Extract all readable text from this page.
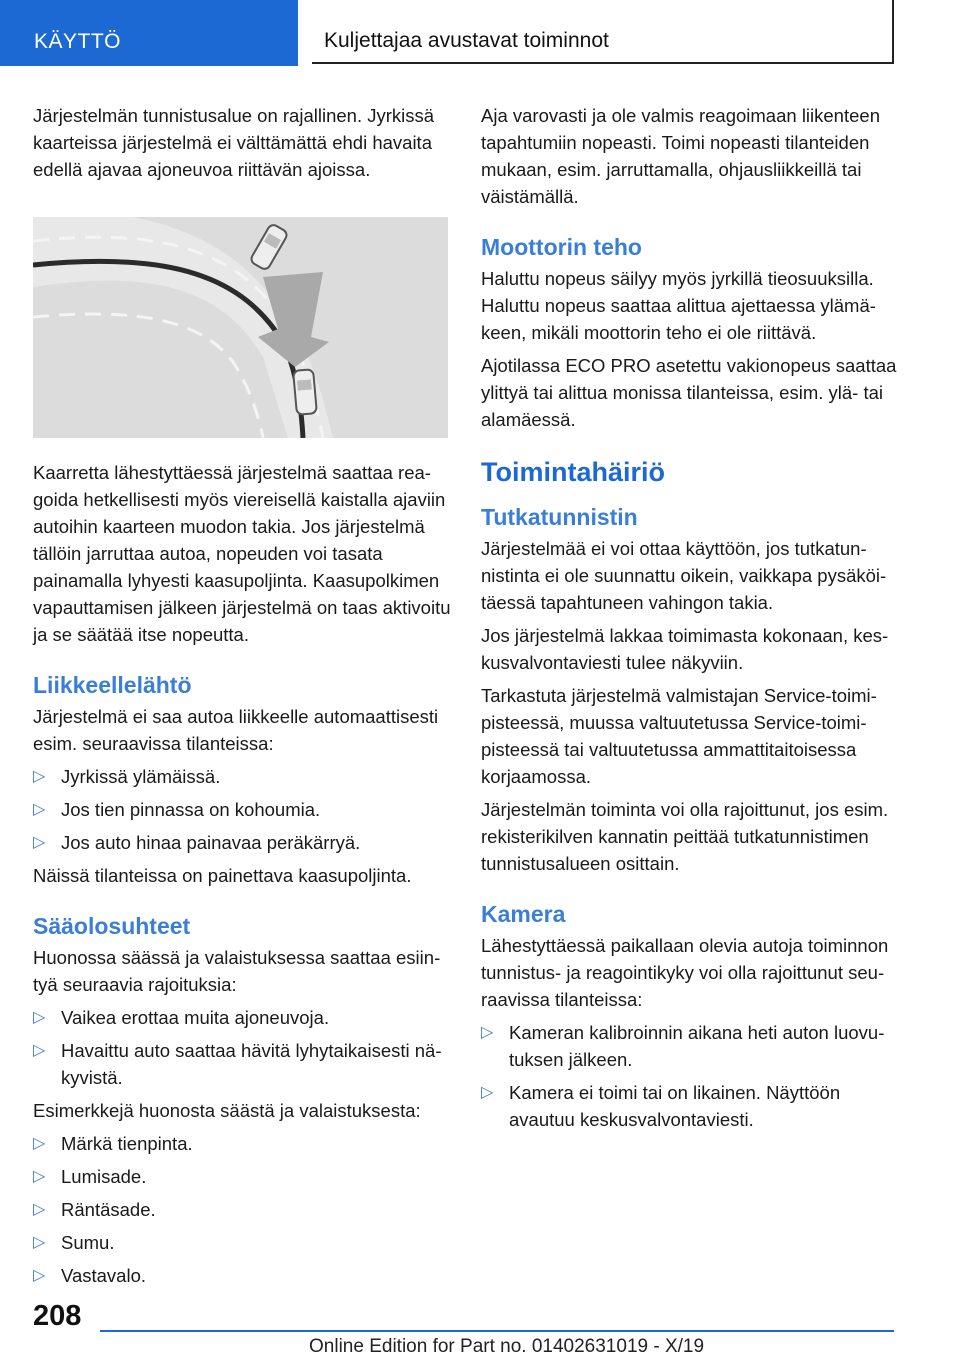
KÄYTTÖ	Kuljettajaa avustavat toiminnot

Järjestelmän tunnistusalue on rajallinen. Jyrkissä kaarteissa järjestelmä ei välttämättä ehdi havaita edellä ajavaa ajoneuvoa riittävän ajoissa.

Kaarretta lähestyttäessä järjestelmä saattaa reagoida hetkellisesti myös viereisellä kaistalla ajaviin autoihin kaarteen muodon takia. Jos järjestelmä tällöin jarruttaa autoa, nopeuden voi tasata painamalla lyhyesti kaasupoljinta. Kaasupolkimen vapauttamisen jälkeen järjestelmä on taas aktivoitu ja se säätää itse nopeutta.

Liikkeellelähtö

Järjestelmä ei saa autoa liikkeelle automaattisesti esim. seuraavissa tilanteissa:

▷ Jyrkissä ylämäissä.
▷ Jos tien pinnassa on kohoumia.
▷ Jos auto hinaa painavaa peräkärryä.

Näissä tilanteissa on painettava kaasupoljinta.

Sääolosuhteet

Huonossa säässä ja valaistuksessa saattaa esiintyä seuraavia rajoituksia:

▷ Vaikea erottaa muita ajoneuvoja.
▷ Havaittu auto saattaa hävitä lyhytaikaisesti näkyvistä.

Esimerkkejä huonosta säästä ja valaistuksesta:

▷ Märkä tienpinta.
▷ Lumisade.
▷ Räntäsade.
▷ Sumu.
▷ Vastavalo.

Aja varovasti ja ole valmis reagoimaan liikenteen tapahtumiin nopeasti. Toimi nopeasti tilanteiden mukaan, esim. jarruttamalla, ohjausliikkeillä tai väistämällä.

Moottorin teho

Haluttu nopeus säilyy myös jyrkillä tieosuuksilla. Haluttu nopeus saattaa alittua ajettaessa ylämäkeen, mikäli moottorin teho ei ole riittävä.

Ajotilassa ECO PRO asetettu vakionopeus saattaa ylittyä tai alittua monissa tilanteissa, esim. ylä- tai alamäessä.

Toimintahäiriö
Tutkatunnistin

Järjestelmää ei voi ottaa käyttöön, jos tutkatunnistinta ei ole suunnattu oikein, vaikkapa pysäköitäessä tapahtuneen vahingon takia.

Jos järjestelmä lakkaa toimimasta kokonaan, keskusvalvontaviesti tulee näkyviin.

Tarkastuta järjestelmä valmistajan Service-toimipisteessä, muussa valtuutetussa Service-toimipisteessä tai valtuutetussa ammattitaitoisessa korjaamossa.

Järjestelmän toiminta voi olla rajoittunut, jos esim. rekisterikilven kannatin peittää tutkatunnistimen tunnistusalueen osittain.

Kamera

Lähestyttäessä paikallaan olevia autoja toiminnon tunnistus- ja reagointikyky voi olla rajoittunut seuraavissa tilanteissa:

▷ Kameran kalibroinnin aikana heti auton luovutuksen jälkeen.
▷ Kamera ei toimi tai on likainen. Näyttöön avautuu keskusvalvontaviesti.
208
Online Edition for Part no. 01402631019 - X/19
